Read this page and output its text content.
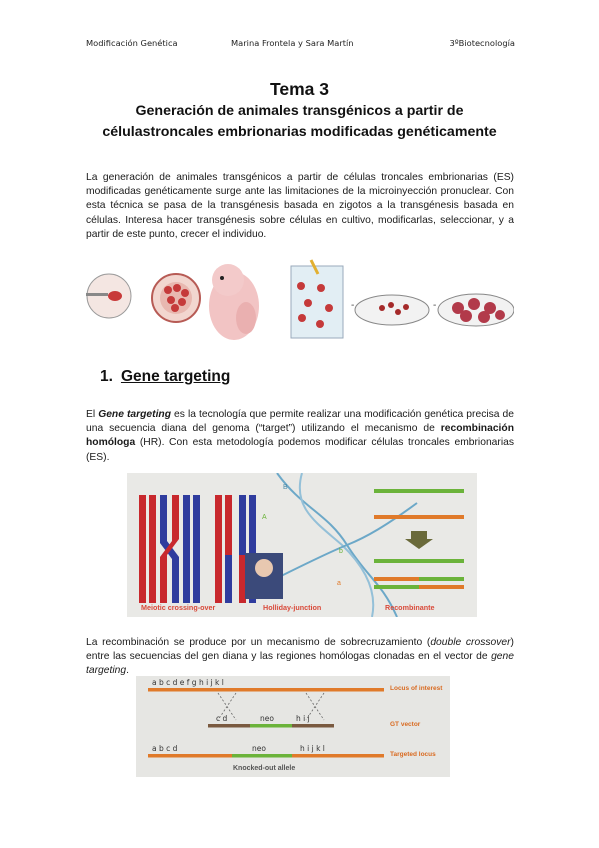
Modificación Genética	Marina Frontela y Sara Martín	3ºBiotecnología
Tema 3
Generación de animales transgénicos a partir de célulastroncales embrionarias modificadas genéticamente

La generación de animales transgénicos a partir de células troncales embrionarias (ES) modificadas genéticamente surge ante las limitaciones de la microinyección pronuclear. Con esta técnica se pasa de la transgénesis basada en zigotos a la transgénesis basada en células. Interesa hacer transgénesis sobre células en cultivo, modificarlas, seleccionar, y a partir de este punto, crecer el individuo.

-	-
1. Gene targeting

El Gene targeting es la tecnología que permite realizar una modificación genética precisa de una secuencia diana del genoma (“target”) utilizando el mecanismo de recombinación homóloga (HR). Con esta metodología podemos modificar células troncales embrionarias (ES).

B
A
b
a
Meiotic crossing-over	Holliday-junction	Recombinante

La recombinación se produce por un mecanismo de sobrecruzamiento (double crossover) entre las secuencias del gen diana y las regiones homólogas clonadas en el vector de gene targeting.

a b c d e f g h i j k l
Locus of interest
c d	neo	h i j
GT vector
a b c d	neo	h i j k l
Targeted locus
Knocked-out allele
